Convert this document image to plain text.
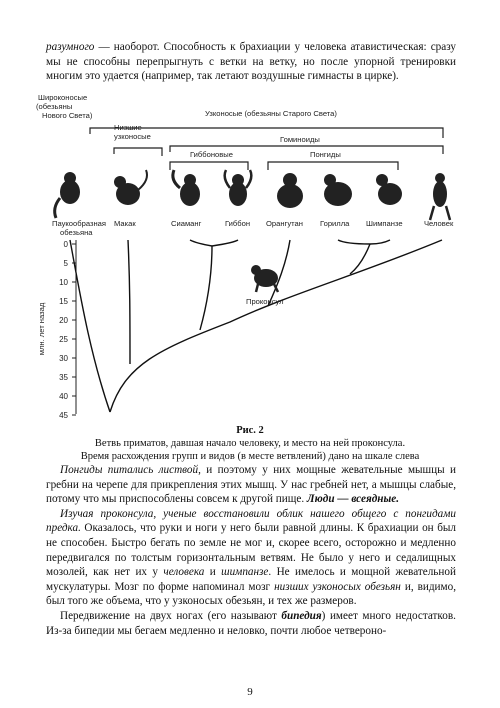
разумного — наоборот. Способность к брахиации у человека атавистическая: сразу мы не способны перепрыгнуть с ветки на ветку, но после упорной тренировки многим это удается (например, так летают воздушные гимнасты в цирке).

Широконосые (обезьяны Нового Света)	Узконосые (обезьяны Старого Света)
Гоминоиды
Низшие узконосые
Гиббоновые	Понгиды
Паукообразная обезьяна
Макак	Сиаманг	Гиббон Орангутан Горилла Шимпанзе	Человек
0
5
10
15
20
25
30
35
40
45
млн. лет назад
Проконсул
Рис. 2
Ветвь приматов, давшая начало человеку, и место на ней проконсула.
Время расхождения групп и видов (в месте ветвлений) дано на шкале слева

Понгиды питались листвой, и поэтому у них мощные жевательные мышцы и гребни на черепе для прикрепления этих мышц. У нас гребней нет, а мышцы слабые, потому что мы приспособлены совсем к другой пище. Люди — всеядные.

Изучая проконсула, ученые восстановили облик нашего общего с понгидами предка. Оказалось, что руки и ноги у него были равной длины. К брахиации он был не способен. Быстро бегать по земле не мог и, скорее всего, осторожно и медленно передвигался по толстым горизонтальным ветвям. Не было у него и седалищных мозолей, как нет их у человека и шимпанзе. Не имелось и мощной жевательной мускулатуры. Мозг по форме напоминал мозг низших узконосых обезьян и, видимо, был того же объема, что у узконосых обезьян, и тех же размеров.

Передвижение на двух ногах (его называют бипедия) имеет много недостатков. Из-за бипедии мы бегаем медленно и неловко, почти любое четвероно-

9
